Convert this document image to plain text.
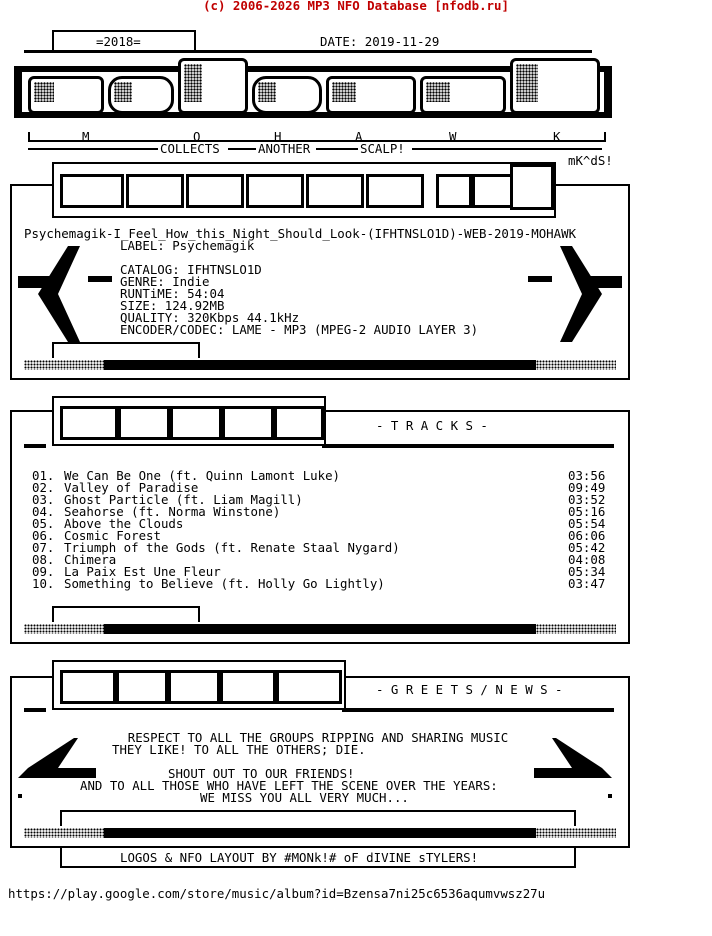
(c) 2006-2026 MP3 NFO Database [nfodb.ru]
=2018=	DATE: 2019-11-29
M	O	H	A	W	K
COLLECTS	ANOTHER	SCALP!
mK^dS!
Psychemagik-I_Feel_How_this_Night_Should_Look-(IFHTNSLO1D)-WEB-2019-MOHAWK
LABEL: Psychemagik
CATALOG: IFHTNSLO1D
GENRE: Indie
RUNTiME: 54:04
SIZE: 124.92MB
QUALITY: 320Kbps 44.1kHz
ENCODER/CODEC: LAME - MP3 (MPEG-2 AUDIO LAYER 3)
- T R A C K S -
01. We Can Be One (ft. Quinn Lamont Luke)	03:56
02. Valley of Paradise	09:49
03. Ghost Particle (ft. Liam Magill)	03:52
04. Seahorse (ft. Norma Winstone)	05:16
05. Above the Clouds	05:54
06. Cosmic Forest	06:06
07. Triumph of the Gods (ft. Renate Staal Nygard)	05:42
08. Chimera	04:08
09. La Paix Est Une Fleur	05:34
10. Something to Believe (ft. Holly Go Lightly)	03:47
- G R E E T S / N E W S -
RESPECT TO ALL THE GROUPS RIPPING AND SHARING MUSIC
THEY LIKE! TO ALL THE OTHERS; DIE.
SHOUT OUT TO OUR FRIENDS!
AND TO ALL THOSE WHO HAVE LEFT THE SCENE OVER THE YEARS:
WE MISS YOU ALL VERY MUCH...
LOGOS & NFO LAYOUT BY #MONk!# oF dIVINE sTYLERS!
https://play.google.com/store/music/album?id=Bzensa7ni25c6536aqumvwsz27u
